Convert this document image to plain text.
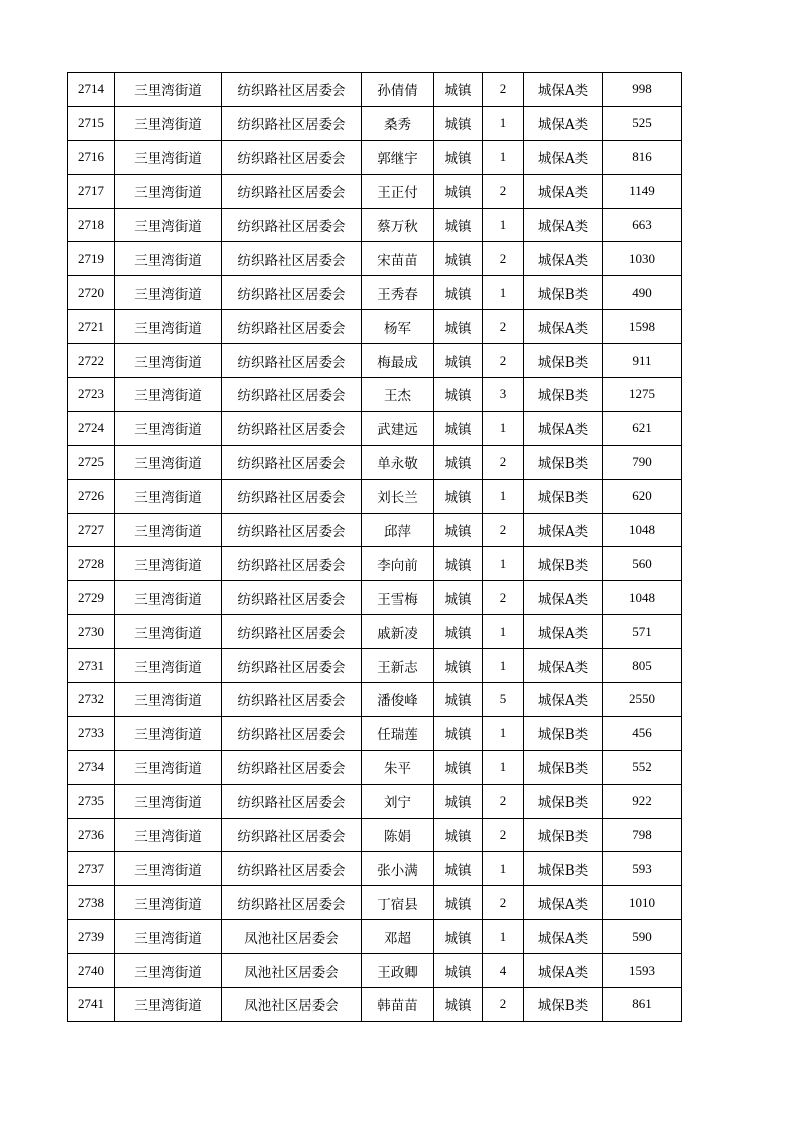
2714	三里湾街道	纺织路社区居委会	孙倩倩	城镇	2	城保A类	998
2715	三里湾街道	纺织路社区居委会	桑秀	城镇	1	城保A类	525
2716	三里湾街道	纺织路社区居委会	郭继宇	城镇	1	城保A类	816
2717	三里湾街道	纺织路社区居委会	王正付	城镇	2	城保A类	1149
2718	三里湾街道	纺织路社区居委会	蔡万秋	城镇	1	城保A类	663
2719	三里湾街道	纺织路社区居委会	宋苗苗	城镇	2	城保A类	1030
2720	三里湾街道	纺织路社区居委会	王秀春	城镇	1	城保B类	490
2721	三里湾街道	纺织路社区居委会	杨军	城镇	2	城保A类	1598
2722	三里湾街道	纺织路社区居委会	梅最成	城镇	2	城保B类	911
2723	三里湾街道	纺织路社区居委会	王杰	城镇	3	城保B类	1275
2724	三里湾街道	纺织路社区居委会	武建远	城镇	1	城保A类	621
2725	三里湾街道	纺织路社区居委会	单永敬	城镇	2	城保B类	790
2726	三里湾街道	纺织路社区居委会	刘长兰	城镇	1	城保B类	620
2727	三里湾街道	纺织路社区居委会	邱萍	城镇	2	城保A类	1048
2728	三里湾街道	纺织路社区居委会	李向前	城镇	1	城保B类	560
2729	三里湾街道	纺织路社区居委会	王雪梅	城镇	2	城保A类	1048
2730	三里湾街道	纺织路社区居委会	戚新凌	城镇	1	城保A类	571
2731	三里湾街道	纺织路社区居委会	王新志	城镇	1	城保A类	805
2732	三里湾街道	纺织路社区居委会	潘俊峰	城镇	5	城保A类	2550
2733	三里湾街道	纺织路社区居委会	任瑞莲	城镇	1	城保B类	456
2734	三里湾街道	纺织路社区居委会	朱平	城镇	1	城保B类	552
2735	三里湾街道	纺织路社区居委会	刘宁	城镇	2	城保B类	922
2736	三里湾街道	纺织路社区居委会	陈娟	城镇	2	城保B类	798
2737	三里湾街道	纺织路社区居委会	张小满	城镇	1	城保B类	593
2738	三里湾街道	纺织路社区居委会	丁宿县	城镇	2	城保A类	1010
2739	三里湾街道	凤池社区居委会	邓超	城镇	1	城保A类	590
2740	三里湾街道	凤池社区居委会	王政卿	城镇	4	城保A类	1593
2741	三里湾街道	凤池社区居委会	韩苗苗	城镇	2	城保B类	861
